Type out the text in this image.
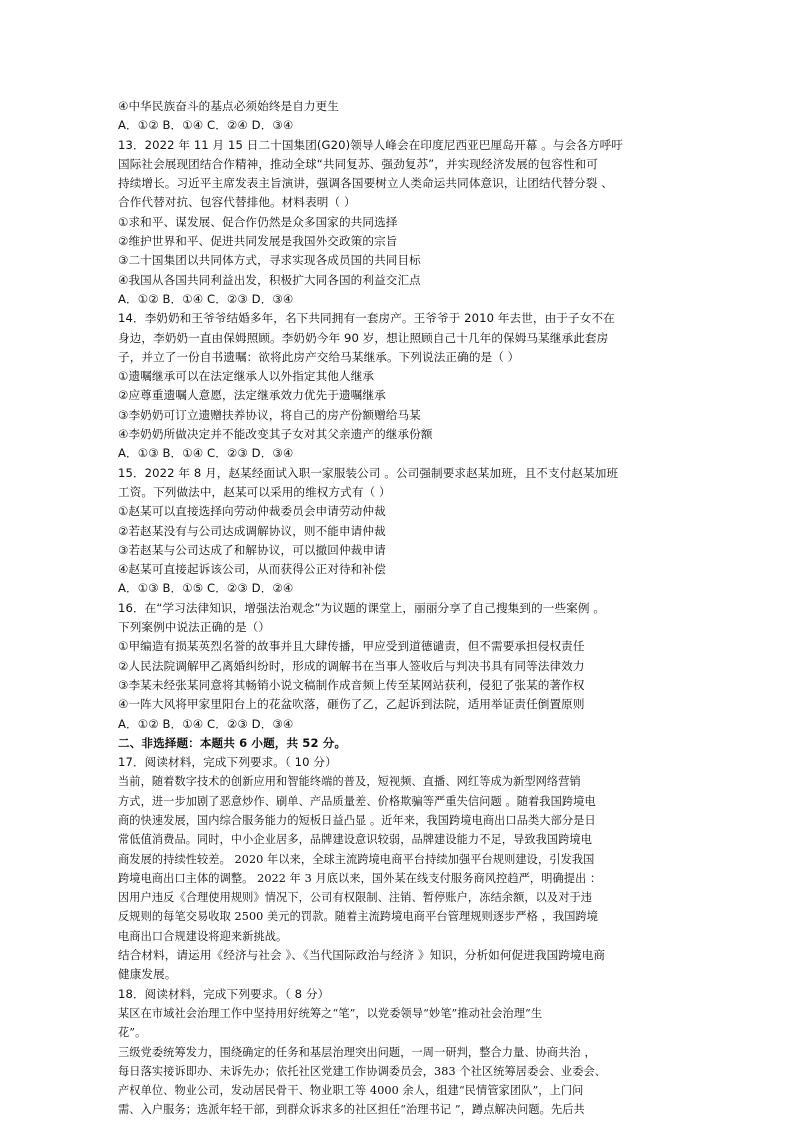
④中华民族奋斗的基点必须始终是自力更生
A．①② B．①④ C．②④ D．③④
13．2022 年 11 月 15 日二十国集团(G20)领导人峰会在印度尼西亚巴厘岛开幕 。与会各方呼吁
国际社会展现团结合作精神，推动全球“共同复苏、强劲复苏”，并实现经济发展的包容性和可
持续增长。习近平主席发表主旨演讲，强调各国要树立人类命运共同体意识，让团结代替分裂 、
合作代替对抗、包容代替排他。材料表明（ ）
①求和平、谋发展、促合作仍然是众多国家的共同选择
②维护世界和平、促进共同发展是我国外交政策的宗旨
③二十国集团以共同体方式，寻求实现各成员国的共同目标
④我国从各国共同利益出发，积极扩大同各国的利益交汇点
A．①② B．①④ C．②③ D．③④
14．李奶奶和王爷爷结婚多年，名下共同拥有一套房产。王爷爷于 2010 年去世，由于子女不在
身边，李奶奶一直由保姆照顾。李奶奶今年 90 岁，想让照顾自己十几年的保姆马某继承此套房
子，并立了一份自书遗嘱：欲将此房产交给马某继承。下列说法正确的是（ ）
①遗嘱继承可以在法定继承人以外指定其他人继承
②应尊重遗嘱人意愿，法定继承效力优先于遗嘱继承
③李奶奶可订立遗赠扶养协议，将自己的房产份额赠给马某
④李奶奶所做决定并不能改变其子女对其父亲遗产的继承份额
A．①③ B．①④ C．②③ D．③④
15．2022 年 8 月，赵某经面试入职一家服装公司 。公司强制要求赵某加班，且不支付赵某加班
工资。下列做法中，赵某可以采用的维权方式有（ ）
①赵某可以直接选择向劳动仲裁委员会申请劳动仲裁
②若赵某没有与公司达成调解协议，则不能申请仲裁
③若赵某与公司达成了和解协议，可以撤回仲裁申请
④赵某可直接起诉该公司，从而获得公正对待和补偿
A．①③ B．①⑤ C．②③ D．②④
16．在“学习法律知识，增强法治观念”为议题的课堂上，丽丽分享了自己搜集到的一些案例 。
下列案例中说法正确的是（）
①甲编造有损某英烈名誉的故事并且大肆传播，甲应受到道德谴责，但不需要承担侵权责任
②人民法院调解甲乙离婚纠纷时，形成的调解书在当事人签收后与判决书具有同等法律效力
③李某未经张某同意将其畅销小说文稿制作成音频上传至某网站获利，侵犯了张某的著作权
④一阵大风将甲家里阳台上的花盆吹落，砸伤了乙，乙起诉到法院，适用举证责任倒置原则
A．①② B．①④ C．②③ D．③④
二、非选择题：本题共 6 小题，共 52 分。
17．阅读材料，完成下列要求。（ 10 分）
当前，随着数字技术的创新应用和智能终端的普及，短视频、直播、网红等成为新型网络营销
方式，进一步加剧了恶意炒作、刷单、产品质量差、价格欺骗等严重失信问题 。随着我国跨境电
商的快速发展，国内综合服务能力的短板日益凸显 。近年来，我国跨境电商出口品类大部分是日
常低值消费品。同时，中小企业居多，品牌建设意识较弱，品牌建设能力不足，导致我国跨境电
商发展的持续性较差。 2020 年以来，全球主流跨境电商平台持续加强平台规则建设，引发我国
跨境电商出口主体的调整。 2022 年 3 月底以来，国外某在线支付服务商风控趋严，明确提出 ：
因用户违反《合理使用规则》情况下，公司有权限制、注销、暂停账户，冻结余额，以及对于违
反规则的每笔交易收取 2500 美元的罚款。随着主流跨境电商平台管理规则逐步严格 ，我国跨境
电商出口合规建设将迎来新挑战。
结合材料，请运用《经济与社会 》、《当代国际政治与经济 》知识，分析如何促进我国跨境电商
健康发展。
18．阅读材料，完成下列要求。（ 8 分）
某区在市域社会治理工作中坚持用好统筹之“笔”，以党委领导“妙笔”推动社会治理“生
花”。
三级党委统筹发力，围绕确定的任务和基层治理突出问题，一周一研判，整合力量、协商共治 ，
每日落实接诉即办、未诉先办；依托社区党建工作协调委员会，383 个社区统筹居委会、业委会、
产权单位、物业公司，发动居民骨干、物业职工等 4000 余人，组建“民情管家团队”，上门问
需、入户服务；选派年轻干部，到群众诉求多的社区担任“治理书记 ”，蹲点解决问题。先后共
